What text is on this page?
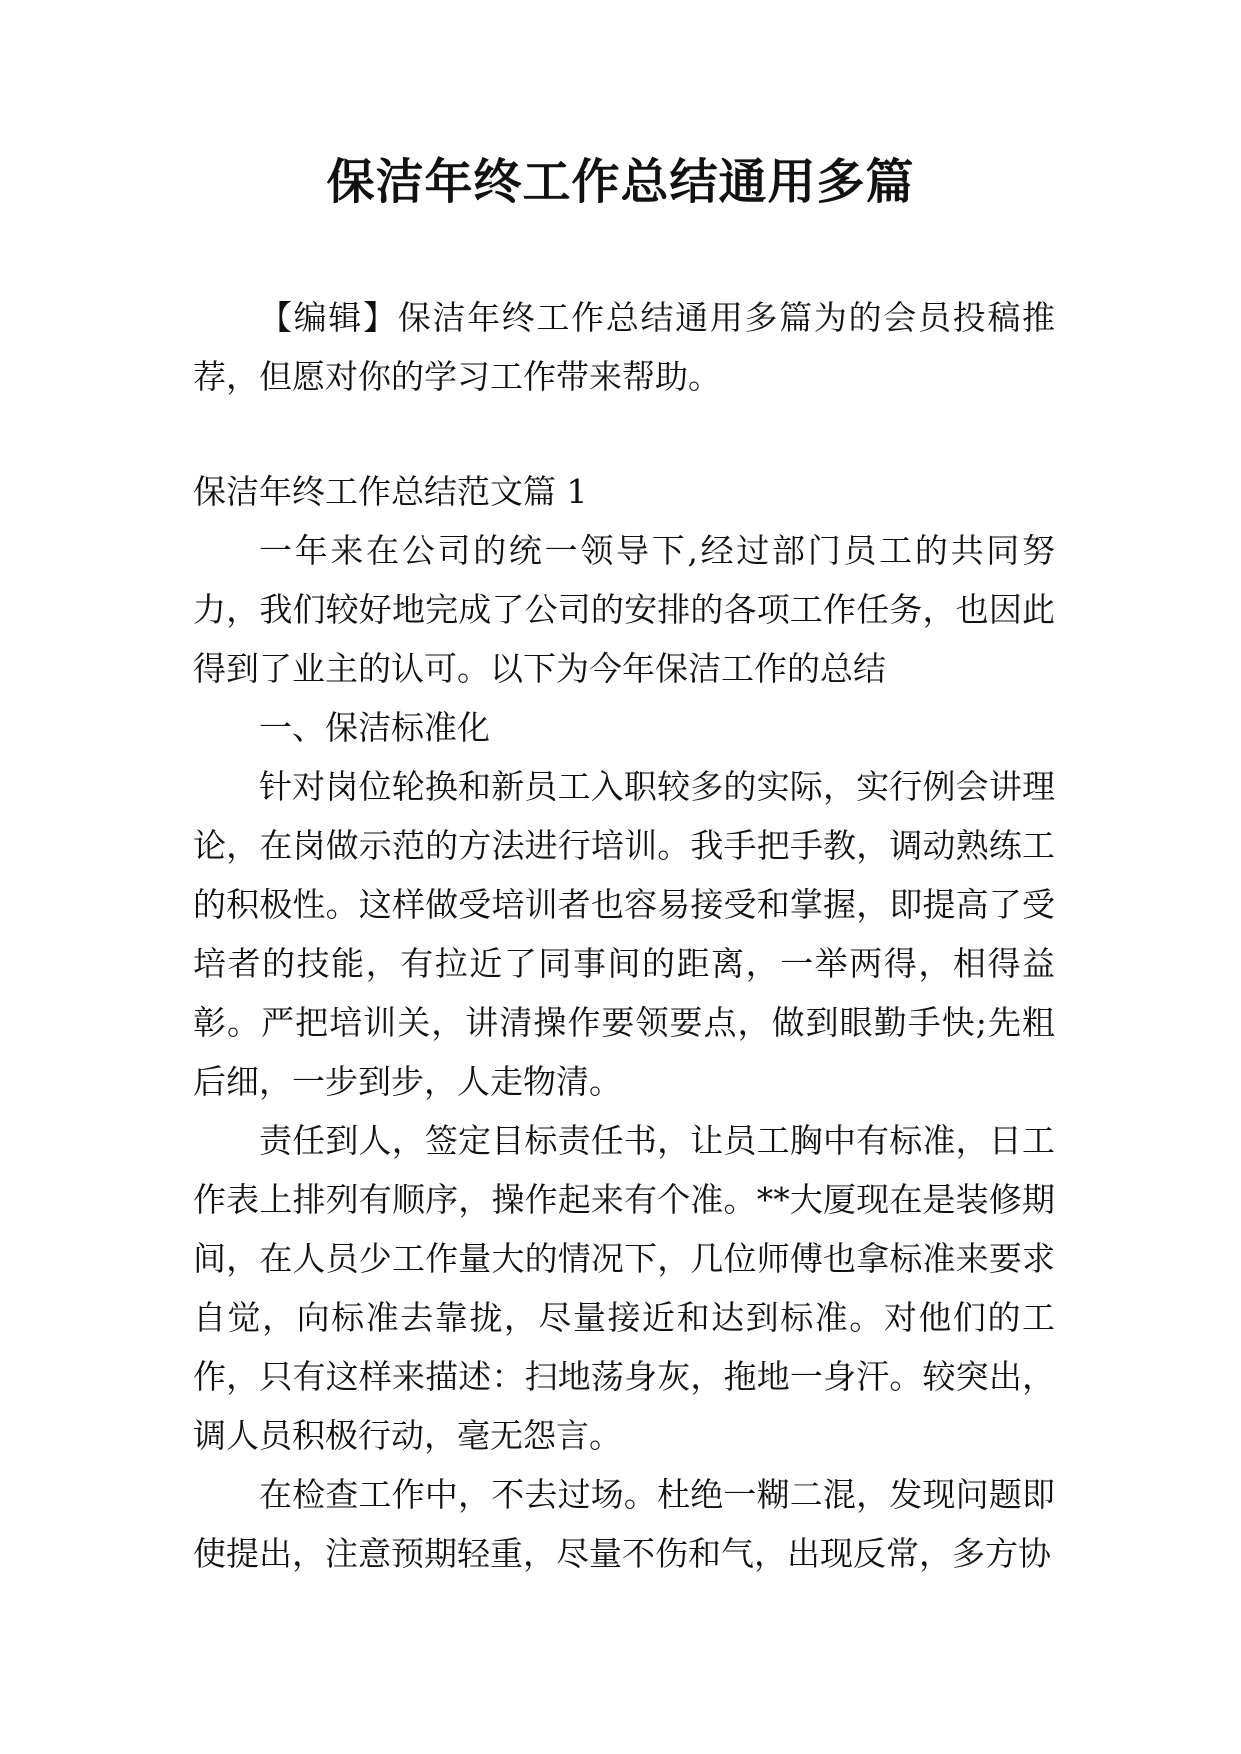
保洁年终工作总结通用多篇

【编辑】保洁年终工作总结通用多篇为的会员投稿推荐，但愿对你的学习工作带来帮助。

保洁年终工作总结范文篇 1

一年来在公司的统一领导下,经过部门员工的共同努力，我们较好地完成了公司的安排的各项工作任务，也因此得到了业主的认可。以下为今年保洁工作的总结

一、保洁标准化

针对岗位轮换和新员工入职较多的实际，实行例会讲理论，在岗做示范的方法进行培训。我手把手教，调动熟练工的积极性。这样做受培训者也容易接受和掌握，即提高了受培者的技能，有拉近了同事间的距离，一举两得，相得益彰。严把培训关，讲清操作要领要点，做到眼勤手快;先粗后细，一步到步，人走物清。

责任到人，签定目标责任书，让员工胸中有标准，日工作表上排列有顺序，操作起来有个准。**大厦现在是装修期间，在人员少工作量大的情况下，几位师傅也拿标准来要求自觉，向标准去靠拢，尽量接近和达到标准。对他们的工作，只有这样来描述：扫地荡身灰，拖地一身汗。较突出，调人员积极行动，毫无怨言。

在检查工作中，不去过场。杜绝一糊二混，发现问题即使提出，注意预期轻重，尽量不伤和气，出现反常，多方协
